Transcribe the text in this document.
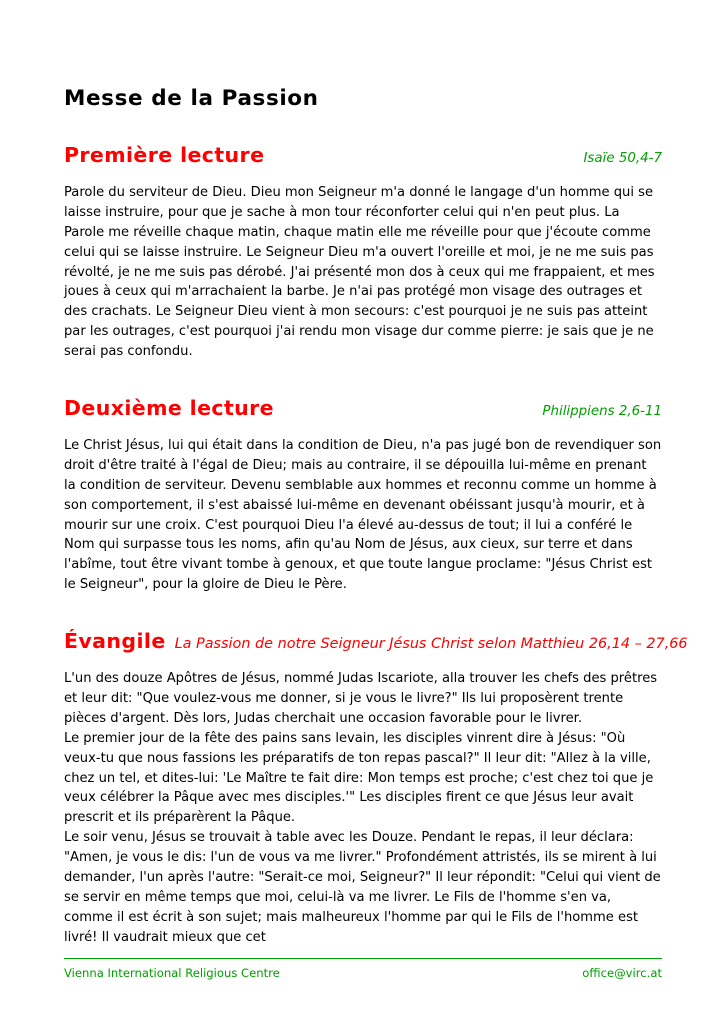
Messe de la Passion
Première lecture	Isaïe 50,4-7
Parole du serviteur de Dieu. Dieu mon Seigneur m'a donné le langage d'un homme qui se laisse instruire, pour que je sache à mon tour réconforter celui qui n'en peut plus. La Parole me réveille chaque matin, chaque matin elle me réveille pour que j'écoute comme celui qui se laisse instruire. Le Seigneur Dieu m'a ouvert l'oreille et moi, je ne me suis pas révolté, je ne me suis pas dérobé. J'ai présenté mon dos à ceux qui me frappaient, et mes joues à ceux qui m'arrachaient la barbe. Je n'ai pas protégé mon visage des outrages et des crachats. Le Seigneur Dieu vient à mon secours: c'est pourquoi je ne suis pas atteint par les outrages, c'est pourquoi j'ai rendu mon visage dur comme pierre: je sais que je ne serai pas confondu.
Deuxième lecture	Philippiens 2,6-11
Le Christ Jésus, lui qui était dans la condition de Dieu, n'a pas jugé bon de revendiquer son droit d'être traité à l'égal de Dieu; mais au contraire, il se dépouilla lui-même en prenant la condition de serviteur. Devenu semblable aux hommes et reconnu comme un homme à son comportement, il s'est abaissé lui-même en devenant obéissant jusqu'à mourir, et à mourir sur une croix. C'est pourquoi Dieu l'a élevé au-dessus de tout; il lui a conféré le Nom qui surpasse tous les noms, afin qu'au Nom de Jésus, aux cieux, sur terre et dans l'abîme, tout être vivant tombe à genoux, et que toute langue proclame: "Jésus Christ est le Seigneur", pour la gloire de Dieu le Père.
Évangile La Passion de notre Seigneur Jésus Christ selon Matthieu 26,14 – 27,66

L'un des douze Apôtres de Jésus, nommé Judas Iscariote, alla trouver les chefs des prêtres et leur dit: "Que voulez-vous me donner, si je vous le livre?" Ils lui proposèrent trente pièces d'argent. Dès lors, Judas cherchait une occasion favorable pour le livrer.

Le premier jour de la fête des pains sans levain, les disciples vinrent dire à Jésus: "Où veux-tu que nous fassions les préparatifs de ton repas pascal?" Il leur dit: "Allez à la ville, chez un tel, et dites-lui: 'Le Maître te fait dire: Mon temps est proche; c'est chez toi que je veux célébrer la Pâque avec mes disciples.'" Les disciples firent ce que Jésus leur avait prescrit et ils préparèrent la Pâque.

Le soir venu, Jésus se trouvait à table avec les Douze. Pendant le repas, il leur déclara: "Amen, je vous le dis: l'un de vous va me livrer." Profondément attristés, ils se mirent à lui demander, l'un après l'autre: "Serait-ce moi, Seigneur?" Il leur répondit: "Celui qui vient de se servir en même temps que moi, celui-là va me livrer. Le Fils de l'homme s'en va, comme il est écrit à son sujet; mais malheureux l'homme par qui le Fils de l'homme est livré! Il vaudrait mieux que cet

Vienna International Religious Centre	office@virc.at
